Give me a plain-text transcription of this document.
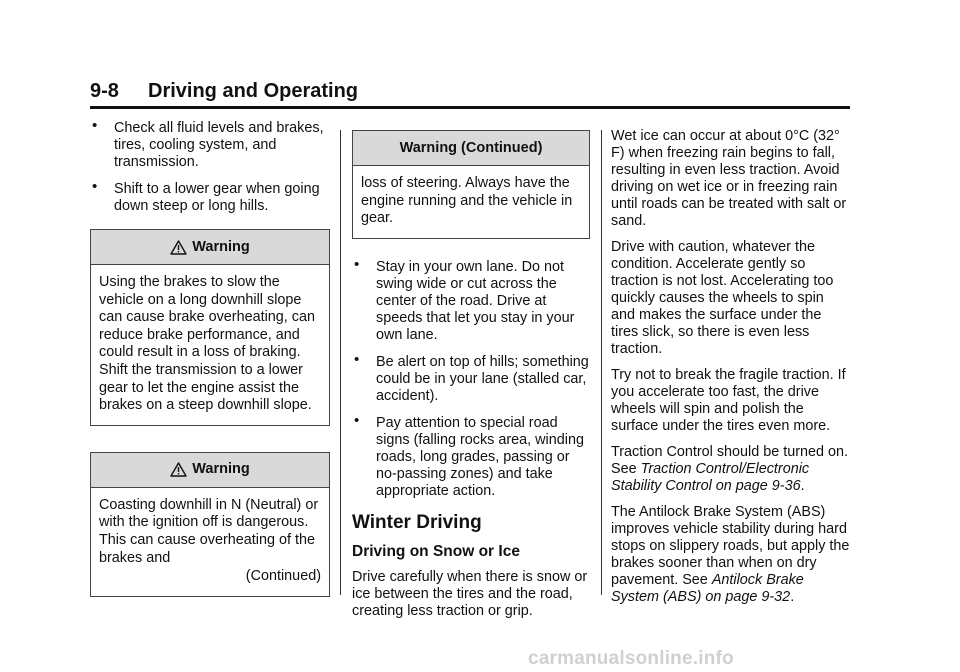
9-8 Driving and Operating
• Check all fluid levels and brakes, tires, cooling system, and transmission.
• Shift to a lower gear when going down steep or long hills.
Warning
Using the brakes to slow the vehicle on a long downhill slope can cause brake overheating, can reduce brake performance, and could result in a loss of braking. Shift the transmission to a lower gear to let the engine assist the brakes on a steep downhill slope.
Warning
Coasting downhill in N (Neutral) or with the ignition off is dangerous. This can cause overheating of the brakes and
(Continued)
Warning (Continued)
loss of steering. Always have the engine running and the vehicle in gear.
• Stay in your own lane. Do not swing wide or cut across the center of the road. Drive at speeds that let you stay in your own lane.
• Be alert on top of hills; something could be in your lane (stalled car, accident).
• Pay attention to special road signs (falling rocks area, winding roads, long grades, passing or no-passing zones) and take appropriate action.
Winter Driving
Driving on Snow or Ice

Drive carefully when there is snow or ice between the tires and the road, creating less traction or grip.

Wet ice can occur at about 0°C (32° F) when freezing rain begins to fall, resulting in even less traction. Avoid driving on wet ice or in freezing rain until roads can be treated with salt or sand.

Drive with caution, whatever the condition. Accelerate gently so traction is not lost. Accelerating too quickly causes the wheels to spin and makes the surface under the tires slick, so there is even less traction.

Try not to break the fragile traction. If you accelerate too fast, the drive wheels will spin and polish the surface under the tires even more.

Traction Control should be turned on. See Traction Control/Electronic Stability Control on page 9-36.

The Antilock Brake System (ABS) improves vehicle stability during hard stops on slippery roads, but apply the brakes sooner than when on dry pavement. See Antilock Brake System (ABS) on page 9-32.

carmanualsonline.info
